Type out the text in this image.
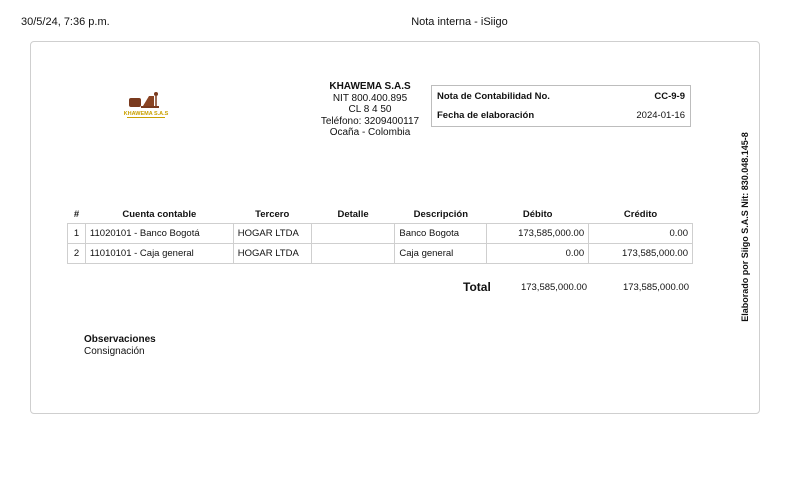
30/5/24, 7:36 p.m.	Nota interna - iSiigo
KHAWEMA S.A.S
KHAWEMA S.A.S
NIT 800.400.895
CL 8 4 50
Teléfono: 3209400117
Ocaña - Colombia
Nota de Contabilidad No.	CC-9-9
Fecha de elaboración	2024-01-16
#	Cuenta contable	Tercero	Detalle	Descripción	Débito	Crédito
1	11020101 - Banco Bogotá	HOGAR LTDA		Banco Bogota	173,585,000.00	0.00
2	11010101 - Caja general	HOGAR LTDA		Caja general	0.00	173,585,000.00
Total	173,585,000.00	173,585,000.00
Observaciones
Consignación
Elaborado por Siigo S.A.S Nit: 830.048.145-8
